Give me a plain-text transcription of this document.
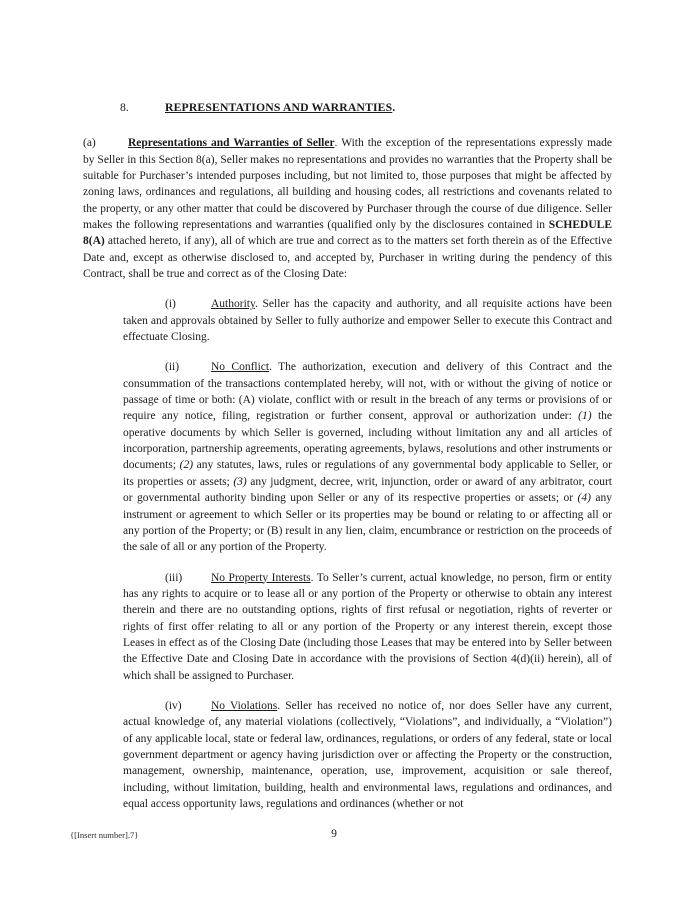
8.	REPRESENTATIONS AND WARRANTIES.

(a)	Representations and Warranties of Seller. With the exception of the representations expressly made by Seller in this Section 8(a), Seller makes no representations and provides no warranties that the Property shall be suitable for Purchaser’s intended purposes including, but not limited to, those purposes that might be affected by zoning laws, ordinances and regulations, all building and housing codes, all restrictions and covenants related to the property, or any other matter that could be discovered by Purchaser through the course of due diligence. Seller makes the following representations and warranties (qualified only by the disclosures contained in SCHEDULE 8(A) attached hereto, if any), all of which are true and correct as to the matters set forth therein as of the Effective Date and, except as otherwise disclosed to, and accepted by, Purchaser in writing during the pendency of this Contract, shall be true and correct as of the Closing Date:

(i)	Authority. Seller has the capacity and authority, and all requisite actions have been taken and approvals obtained by Seller to fully authorize and empower Seller to execute this Contract and effectuate Closing.

(ii)	No Conflict. The authorization, execution and delivery of this Contract and the consummation of the transactions contemplated hereby, will not, with or without the giving of notice or passage of time or both: (A) violate, conflict with or result in the breach of any terms or provisions of or require any notice, filing, registration or further consent, approval or authorization under: (1) the operative documents by which Seller is governed, including without limitation any and all articles of incorporation, partnership agreements, operating agreements, bylaws, resolutions and other instruments or documents; (2) any statutes, laws, rules or regulations of any governmental body applicable to Seller, or its properties or assets; (3) any judgment, decree, writ, injunction, order or award of any arbitrator, court or governmental authority binding upon Seller or any of its respective properties or assets; or (4) any instrument or agreement to which Seller or its properties may be bound or relating to or affecting all or any portion of the Property; or (B) result in any lien, claim, encumbrance or restriction on the proceeds of the sale of all or any portion of the Property.

(iii)	No Property Interests. To Seller’s current, actual knowledge, no person, firm or entity has any rights to acquire or to lease all or any portion of the Property or otherwise to obtain any interest therein and there are no outstanding options, rights of first refusal or negotiation, rights of reverter or rights of first offer relating to all or any portion of the Property or any interest therein, except those Leases in effect as of the Closing Date (including those Leases that may be entered into by Seller between the Effective Date and Closing Date in accordance with the provisions of Section 4(d)(ii) herein), all of which shall be assigned to Purchaser.

(iv)	No Violations. Seller has received no notice of, nor does Seller have any current, actual knowledge of, any material violations (collectively, “Violations”, and individually, a “Violation”) of any applicable local, state or federal law, ordinances, regulations, or orders of any federal, state or local government department or agency having jurisdiction over or affecting the Property or the construction, management, ownership, maintenance, operation, use, improvement, acquisition or sale thereof, including, without limitation, building, health and environmental laws, regulations and ordinances, and equal access opportunity laws, regulations and ordinances (whether or not

{[Insert number].7}	9
